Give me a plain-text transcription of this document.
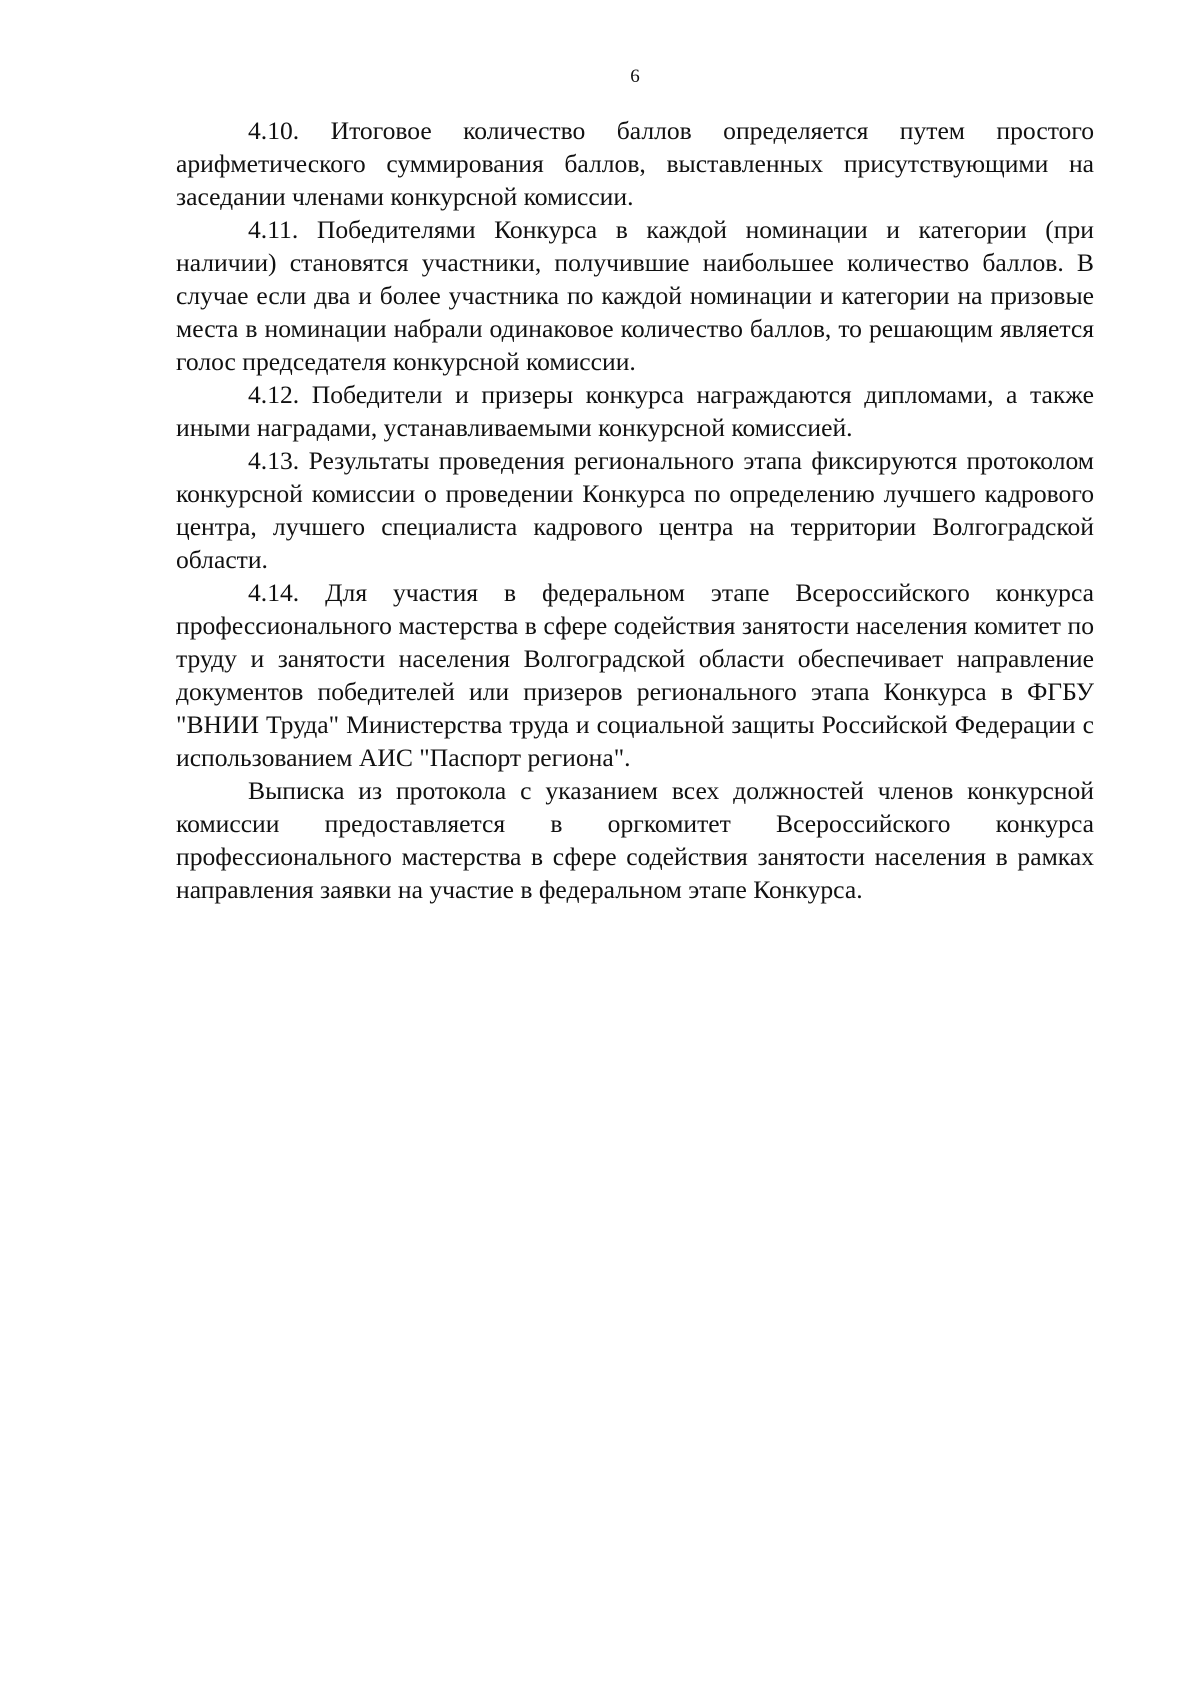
6

4.10. Итоговое количество баллов определяется путем простого арифметического суммирования баллов, выставленных присутствующими на заседании членами конкурсной комиссии.

4.11. Победителями Конкурса в каждой номинации и категории (при наличии) становятся участники, получившие наибольшее количество баллов. В случае если два и более участника по каждой номинации и категории на призовые места в номинации набрали одинаковое количество баллов, то решающим является голос председателя конкурсной комиссии.

4.12. Победители и призеры конкурса награждаются дипломами, а также иными наградами, устанавливаемыми конкурсной комиссией.

4.13. Результаты проведения регионального этапа фиксируются протоколом конкурсной комиссии о проведении Конкурса по определению лучшего кадрового центра, лучшего специалиста кадрового центра на территории Волгоградской области.

4.14. Для участия в федеральном этапе Всероссийского конкурса профессионального мастерства в сфере содействия занятости населения комитет по труду и занятости населения Волгоградской области обеспечивает направление документов победителей или призеров регионального этапа Конкурса в ФГБУ "ВНИИ Труда" Министерства труда и социальной защиты Российской Федерации с использованием АИС "Паспорт региона".

Выписка из протокола с указанием всех должностей членов конкурсной комиссии предоставляется в оргкомитет Всероссийского конкурса профессионального мастерства в сфере содействия занятости населения в рамках направления заявки на участие в федеральном этапе Конкурса.
